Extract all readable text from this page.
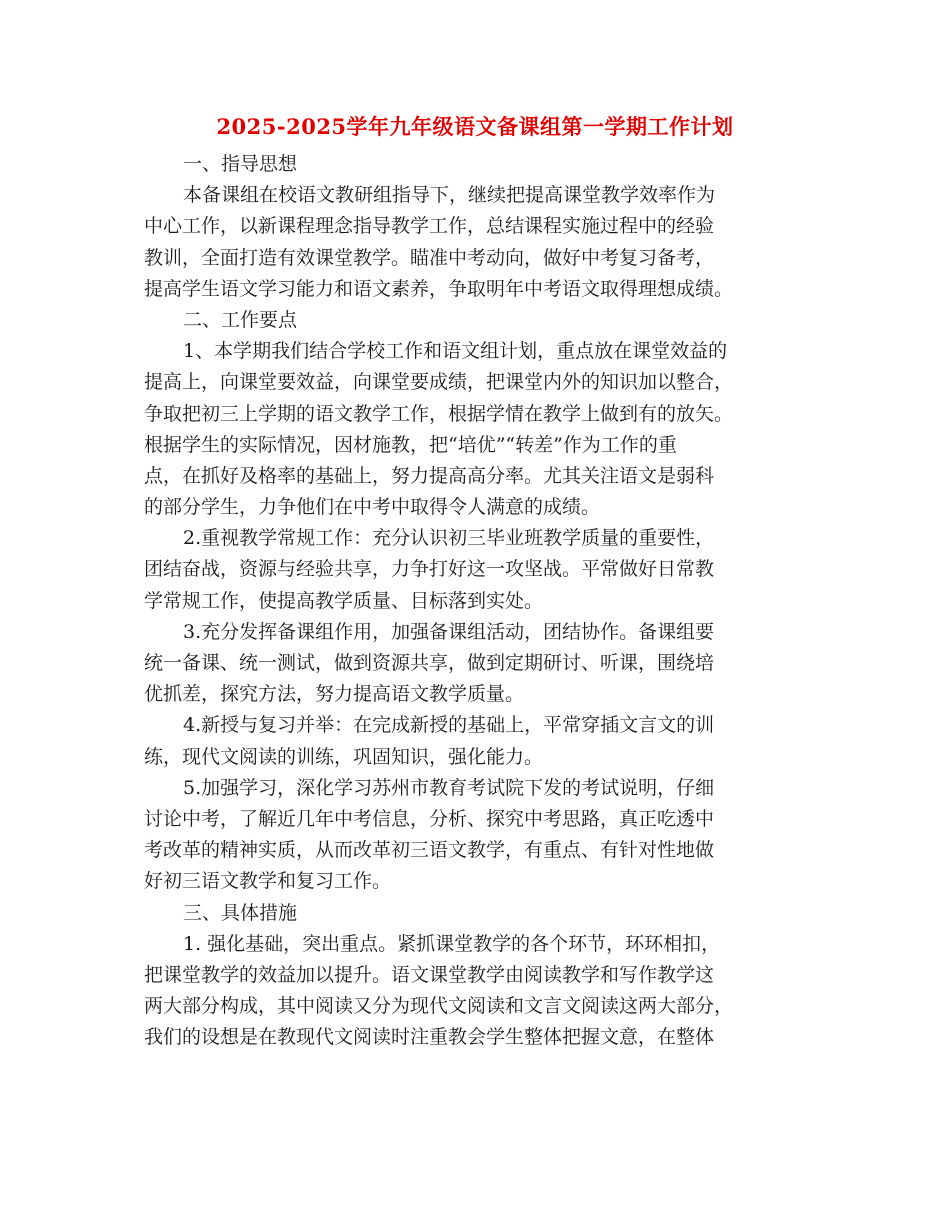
2025-2025学年九年级语文备课组第一学期工作计划
一、指导思想
本备课组在校语文教研组指导下，继续把提高课堂教学效率作为
中心工作，以新课程理念指导教学工作，总结课程实施过程中的经验
教训，全面打造有效课堂教学。瞄准中考动向，做好中考复习备考，
提高学生语文学习能力和语文素养，争取明年中考语文取得理想成绩。
二、工作要点
1、本学期我们结合学校工作和语文组计划，重点放在课堂效益的
提高上，向课堂要效益，向课堂要成绩，把课堂内外的知识加以整合，
争取把初三上学期的语文教学工作，根据学情在教学上做到有的放矢。
根据学生的实际情况，因材施教，把“培优”“转差”作为工作的重
点，在抓好及格率的基础上，努力提高高分率。尤其关注语文是弱科
的部分学生，力争他们在中考中取得令人满意的成绩。
2.重视教学常规工作：充分认识初三毕业班教学质量的重要性，
团结奋战，资源与经验共享，力争打好这一攻坚战。平常做好日常教
学常规工作，使提高教学质量、目标落到实处。
3.充分发挥备课组作用，加强备课组活动，团结协作。备课组要
统一备课、统一测试，做到资源共享，做到定期研讨、听课，围绕培
优抓差，探究方法，努力提高语文教学质量。
4.新授与复习并举：在完成新授的基础上，平常穿插文言文的训
练，现代文阅读的训练，巩固知识，强化能力。
5.加强学习，深化学习苏州市教育考试院下发的考试说明，仔细
讨论中考，了解近几年中考信息，分析、探究中考思路，真正吃透中
考改革的精神实质，从而改革初三语文教学，有重点、有针对性地做
好初三语文教学和复习工作。
三、具体措施
1. 强化基础，突出重点。紧抓课堂教学的各个环节，环环相扣，
把课堂教学的效益加以提升。语文课堂教学由阅读教学和写作教学这
两大部分构成，其中阅读又分为现代文阅读和文言文阅读这两大部分，
我们的设想是在教现代文阅读时注重教会学生整体把握文意，在整体
